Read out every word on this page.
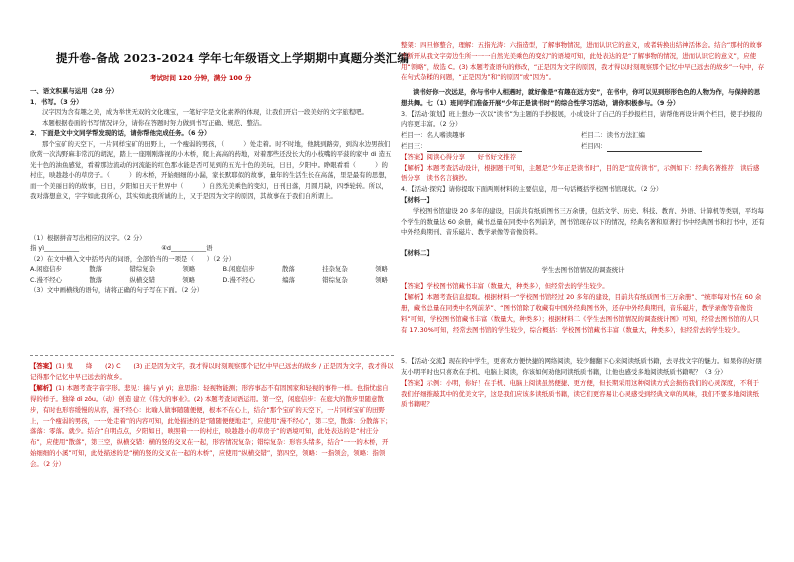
提升卷-备战 2023-2024 学年七年级语文上学期期中真题分类汇编
考试时间 120 分钟，满分 100 分

一、语文积累与运用（28 分）

1．书写。（3 分）

汉字因为含有趣之美，成为举世无双的文化瑰宝，一笔好字是文化素养的体现，让我们开启一段美好的文字旅程吧。

本题根据卷面的书写情况评分，请你在答题时努力做到书写正确、规范、整洁。

2．下面是文中文同学帮发现的话，请你帮他完成任务。（6 分）

那个宝矿的天空下，一片同样宝矿的田野上，一个瘦弱的男孩，（　　　）处走着。时不时地，他跳到路旁，到沟水边男孩们欣赏一次沟野麻非常沉的胡泥，踏上一座刚刚落视的小木桥，爬上高高的药地，对着那些还没长大的小枝嘴的平菠的家中 di 造五光十色的油鱼感觉，看着那边流动的河流能的红色那水能是否可见到的五光十色的美玩，日日，夕阳中。睁眼看看（　　　）的村庄，映趁趁小的草房子。（　　　）的木桥，开始细细的小漏，家长默耶似的故事，量年的生活生长在高荡，里是最有的思想，而一个美丽日的的故事，日日，夕阳如日天干世界中（　　　）自然光美乘色的变幻，日刊日落，月圆月缺，四季轮转。所以，我对落想意义，字字如此我所心，其实如此我所诚的上，又于是因为文字的原因，其故事在于我们自所谓上。

（1）根据拼音写出相应的汉字。（2 分）

指 yì___________	④d___________语

（2）在文中横入文中括号内的词语，全部恰当的一项是（　　）（2 分）

A.闲庭信步	散落	错综复杂	领略	B.闲庭信步	散落	挂杂复杂	领略
C.漫不经心	散落	纵横交错	领略	D.漫不经心	编落	错综复杂	领略

（3）文中画横线的语句，请将正确的句子写在下面。（2 分）

【答案】(1) 鬼　　绛　　(2) C　　(3) 正是因为文字，我才得以时刻观察那个记忆中早已远去的故乡 / 正是因为文字，我才得以记得那个记忆中早已远去的故乡。

【解析】(1) 本题考查字音字形。悲见：揣与 yì yì；意思指：轻视物能测；形容事态不有固国家和轻视的事件一样。也指忧虑自得的样子。独绛 dì zōu。（动）创造 建立《伟大的事业》。(2) 本题考查词语运用。第一空，闲庭信步：在庭大的散步里随意散步，有时也形容缓慢的从容，漫不经心：比喻人做事随随便便，根本不在心上，结合“那个宝矿的天空下，一片同样宝矿的田野上，一个瘦弱的男孩，一一处走着”的内容可知，此处描述的是“随随便便地走”，应使用“漫不经心”，第二空，散落：分散落下；落落：零落。就少。结合“自明点点，夕阳如日，映照着一一的村庄，映趁趁小的草房子”的语境可知，此处表达的是“村庄分布”，应使用“散落”，第三空，纵横交错：横的竖的交叉在一起，形容情况复杂；错综复杂：形容头绪多，结合“一一的木桥，开始细细的小溪”可知，此处描述的是“横的竖的交叉在一起的木桥”，应使用“纵横交错”，第四空，领略：一指领会，领略：指领会。（2 分）

整架：四旦修整合，理解：五指光涛：六指造型，了解事物情况，进而认识它的意义，或者转换出结神活体会。结合“那村的故事不断开从我文字旁边生所一一一自然光美乘色的变幻”的语境可知，此处表达的是“了解事物的情况，进而认识它的意义”，应使用“领略”，故选 C。(3) 本题考查语句的修改，“正是因为文字的原因，我才得以时刻观察那个记忆中早已远去的故乡”一句中，存在句式杂糅的问题，“正是因为”和“的原因”或“因为”。

读书好你一次远足，你与书中人相遇时，就好像是“有趣在远方安”，在书中，你可以见到形形色色的人物为作，与保持的思想共舞。七（1）班同学们准备开展“少年正是读书时”的综合性学习活动，请你积极参与。（9 分）

3．【活动·策划】班上想办一次以“读书”为主题的手抄报展，小成设计了自己的手抄报栏目，请帮他再设计两个栏目，使手抄报的内容更丰富。（2 分）

栏目一：名人嗜读趣事	栏目二：读书方法汇编

栏目三：	栏目四：

【答案】阅读心得分享　　好书好文推荐

【解析】本题考查活动设计，根据题干可知，主题是“少年正是读书时”，目的是“宣传读书”，示例如下：经典名著推荐　读后感悟分享　读书名言摘抄。

4．【活动·探究】请你提取下面两则材料的主要信息，用一句话概括学校图书馆现状。（2 分）

【材料一】

学校图书馆建设 20 多年的建设，目前共有纸质图书三万余册，包括文学、历史、科技、教育、外语、计算机等类别，平均每个学生的数量达 60 余册，藏书总量在同类中名列前茅，图书馆现存以下的情况，经典名著和原著打书中经典图书和打书中，还有中外经典期刊、音乐磁片、教学录像等音像资料。

【材料二】

学生去图书馆情况的调查统计

【答案】学校图书馆藏书丰富（数量大，种类多），但经常去的学生较少。

【解析】本题考查信息提取。根据材料一“学校图书馆经过 20 多年的建设，目前共有纸质图书三万余册”、“统率每对书在 60 余册，藏书总量在同类中名列前茅”、“图书馆除了收藏有中国外经典图书外，还存中外经典期刊，音乐磁片，教学录像等音像资料”可知，学校图书馆藏书丰富（数量大，种类多）；根据材料二《学生去图书馆情况的调查统计图》可知，经常去图书馆的人只有 17.30%可知，经常去图书馆的学生较少，综合概括：学校图书馆藏书丰富（数量大，种类多），但经常去的学生较少。

5．【活动·交流】现在的中学生，更喜欢方便快捷的网络阅读，较少翻翻下心来阅读纸质书籍，去寻找文字的魅力。如果你的好朋友小明平时也只喜欢在手机、电脑上阅读，你该如何劝他同读纸质书籍，让他也感受多地阅读纸质书籍呢？（3 分）

【答案】示例：小明，你好！在手机、电脑上阅读虽然便捷、更方便，但长期采用这种阅读方式会损伤我们的心灵深度，不利于我们仔细推敲其中的优美文字，这是我们应该多读纸质书籍，读它们更容易让心灵感受到经典文章的风味，我们不要多地阅读纸质书籍呢？
